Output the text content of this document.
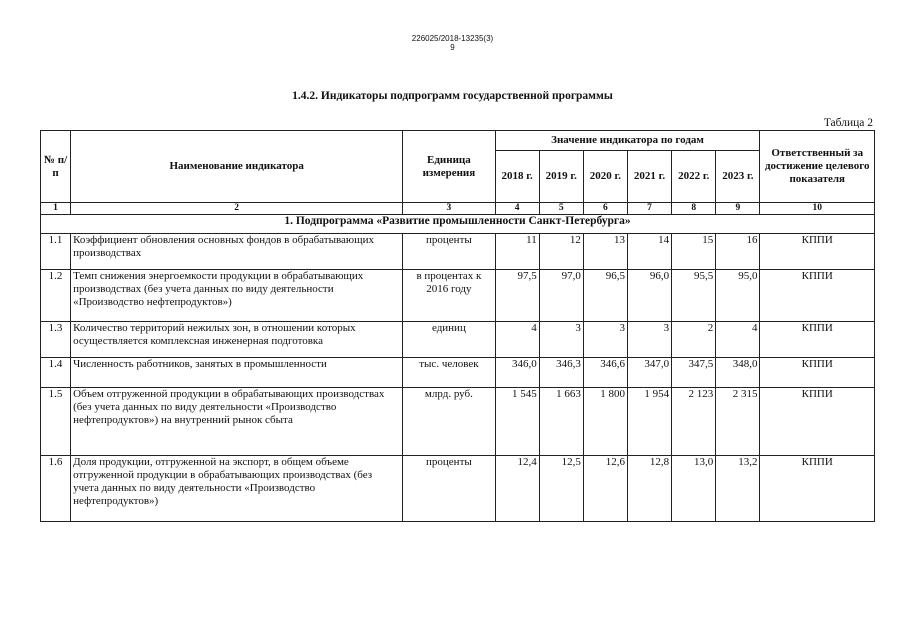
226025/2018-13235(3)
9
1.4.2. Индикаторы подпрограмм государственной программы
Таблица 2
№ п/п	Наименование индикатора	Единица измерения	Значение индикатора по годам						Ответственный за достижение целевого показателя
			2018 г.	2019 г.	2020 г.	2021 г.	2022 г.	2023 г.	
1	2	3	4	5	6	7	8	9	10
1. Подпрограмма «Развитие промышленности Санкт-Петербурга»									
1.1	Коэффициент обновления основных фондов в обрабатывающих производствах	проценты	11	12	13	14	15	16	КППИ
1.2	Темп снижения энергоемкости продукции в обрабатывающих производствах (без учета данных по виду деятельности «Производство нефтепродуктов»)	в процентах к 2016 году	97,5	97,0	96,5	96,0	95,5	95,0	КППИ
1.3	Количество территорий нежилых зон, в отношении которых осуществляется комплексная инженерная подготовка	единиц	4	3	3	3	2	4	КППИ
1.4	Численность работников, занятых в промышленности	тыс. человек	346,0	346,3	346,6	347,0	347,5	348,0	КППИ
1.5	Объем отгруженной продукции в обрабатывающих производствах (без учета данных по виду деятельности «Производство нефтепродуктов») на внутренний рынок сбыта	млрд. руб.	1 545	1 663	1 800	1 954	2 123	2 315	КППИ
1.6	Доля продукции, отгруженной на экспорт, в общем объеме отгруженной продукции в обрабатывающих производствах (без учета данных по виду деятельности «Производство нефтепродуктов»)	проценты	12,4	12,5	12,6	12,8	13,0	13,2	КППИ
